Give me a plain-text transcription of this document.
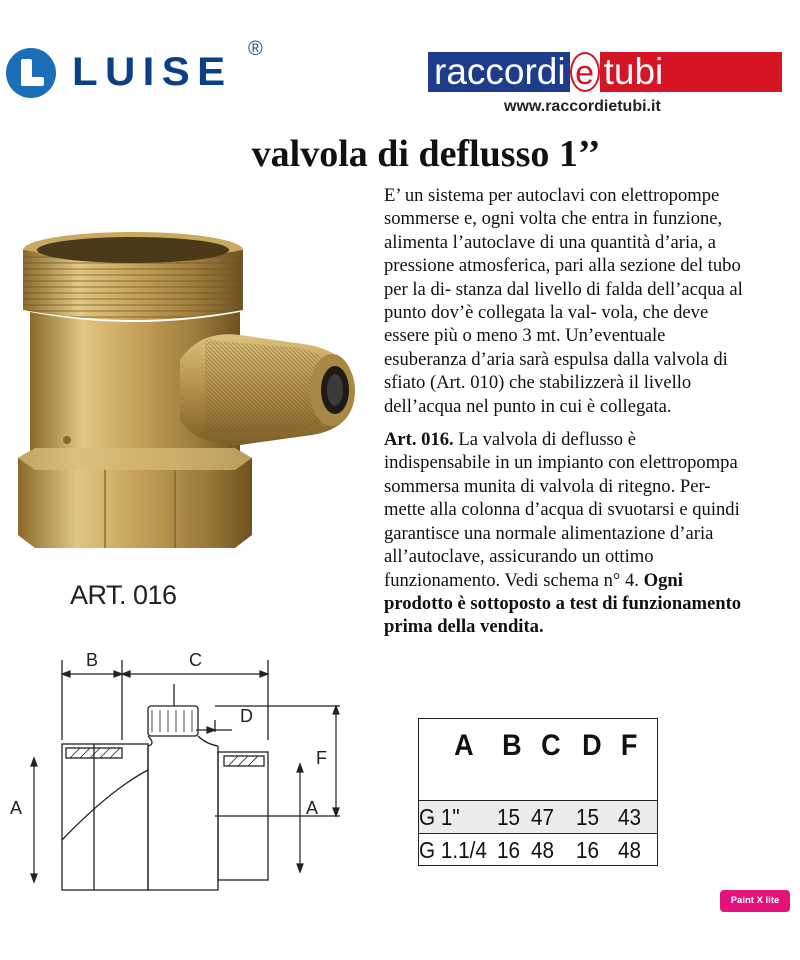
LUISE
®
raccordi e tubi
www.raccordietubi.it
valvola di deflusso 1’’

E’ un sistema per autoclavi con elettropompe
sommerse e, ogni volta che entra in funzione,
alimenta l’autoclave di una quantità d’aria, a
pressione atmosferica, pari alla sezione del tubo
per la di- stanza dal livello di falda dell’acqua al
punto dov’è collegata la val- vola, che deve
essere più o meno 3 mt. Un’eventuale
esuberanza d’aria sarà espulsa dalla valvola di
sfiato (Art. 010) che stabilizzerà il livello
dell’acqua nel punto in cui è collegata.

Art. 016. La valvola di deflusso è
indispensabile in un impianto con elettropompa
sommersa munita di valvola di ritegno. Per-
mette alla colonna d’acqua di svuotarsi e quindi
garantisce una normale alimentazione d’aria
all’autoclave, assicurando un ottimo
funzionamento. Vedi schema n° 4. Ogni
prodotto è sottoposto a test di funzionamento
prima della vendita.

ART. 016
B	C
D
F
A	A
A B C D F
G 1" 15 47 15 43
G 1.1/4 16 48 16 48
Paint X lite
